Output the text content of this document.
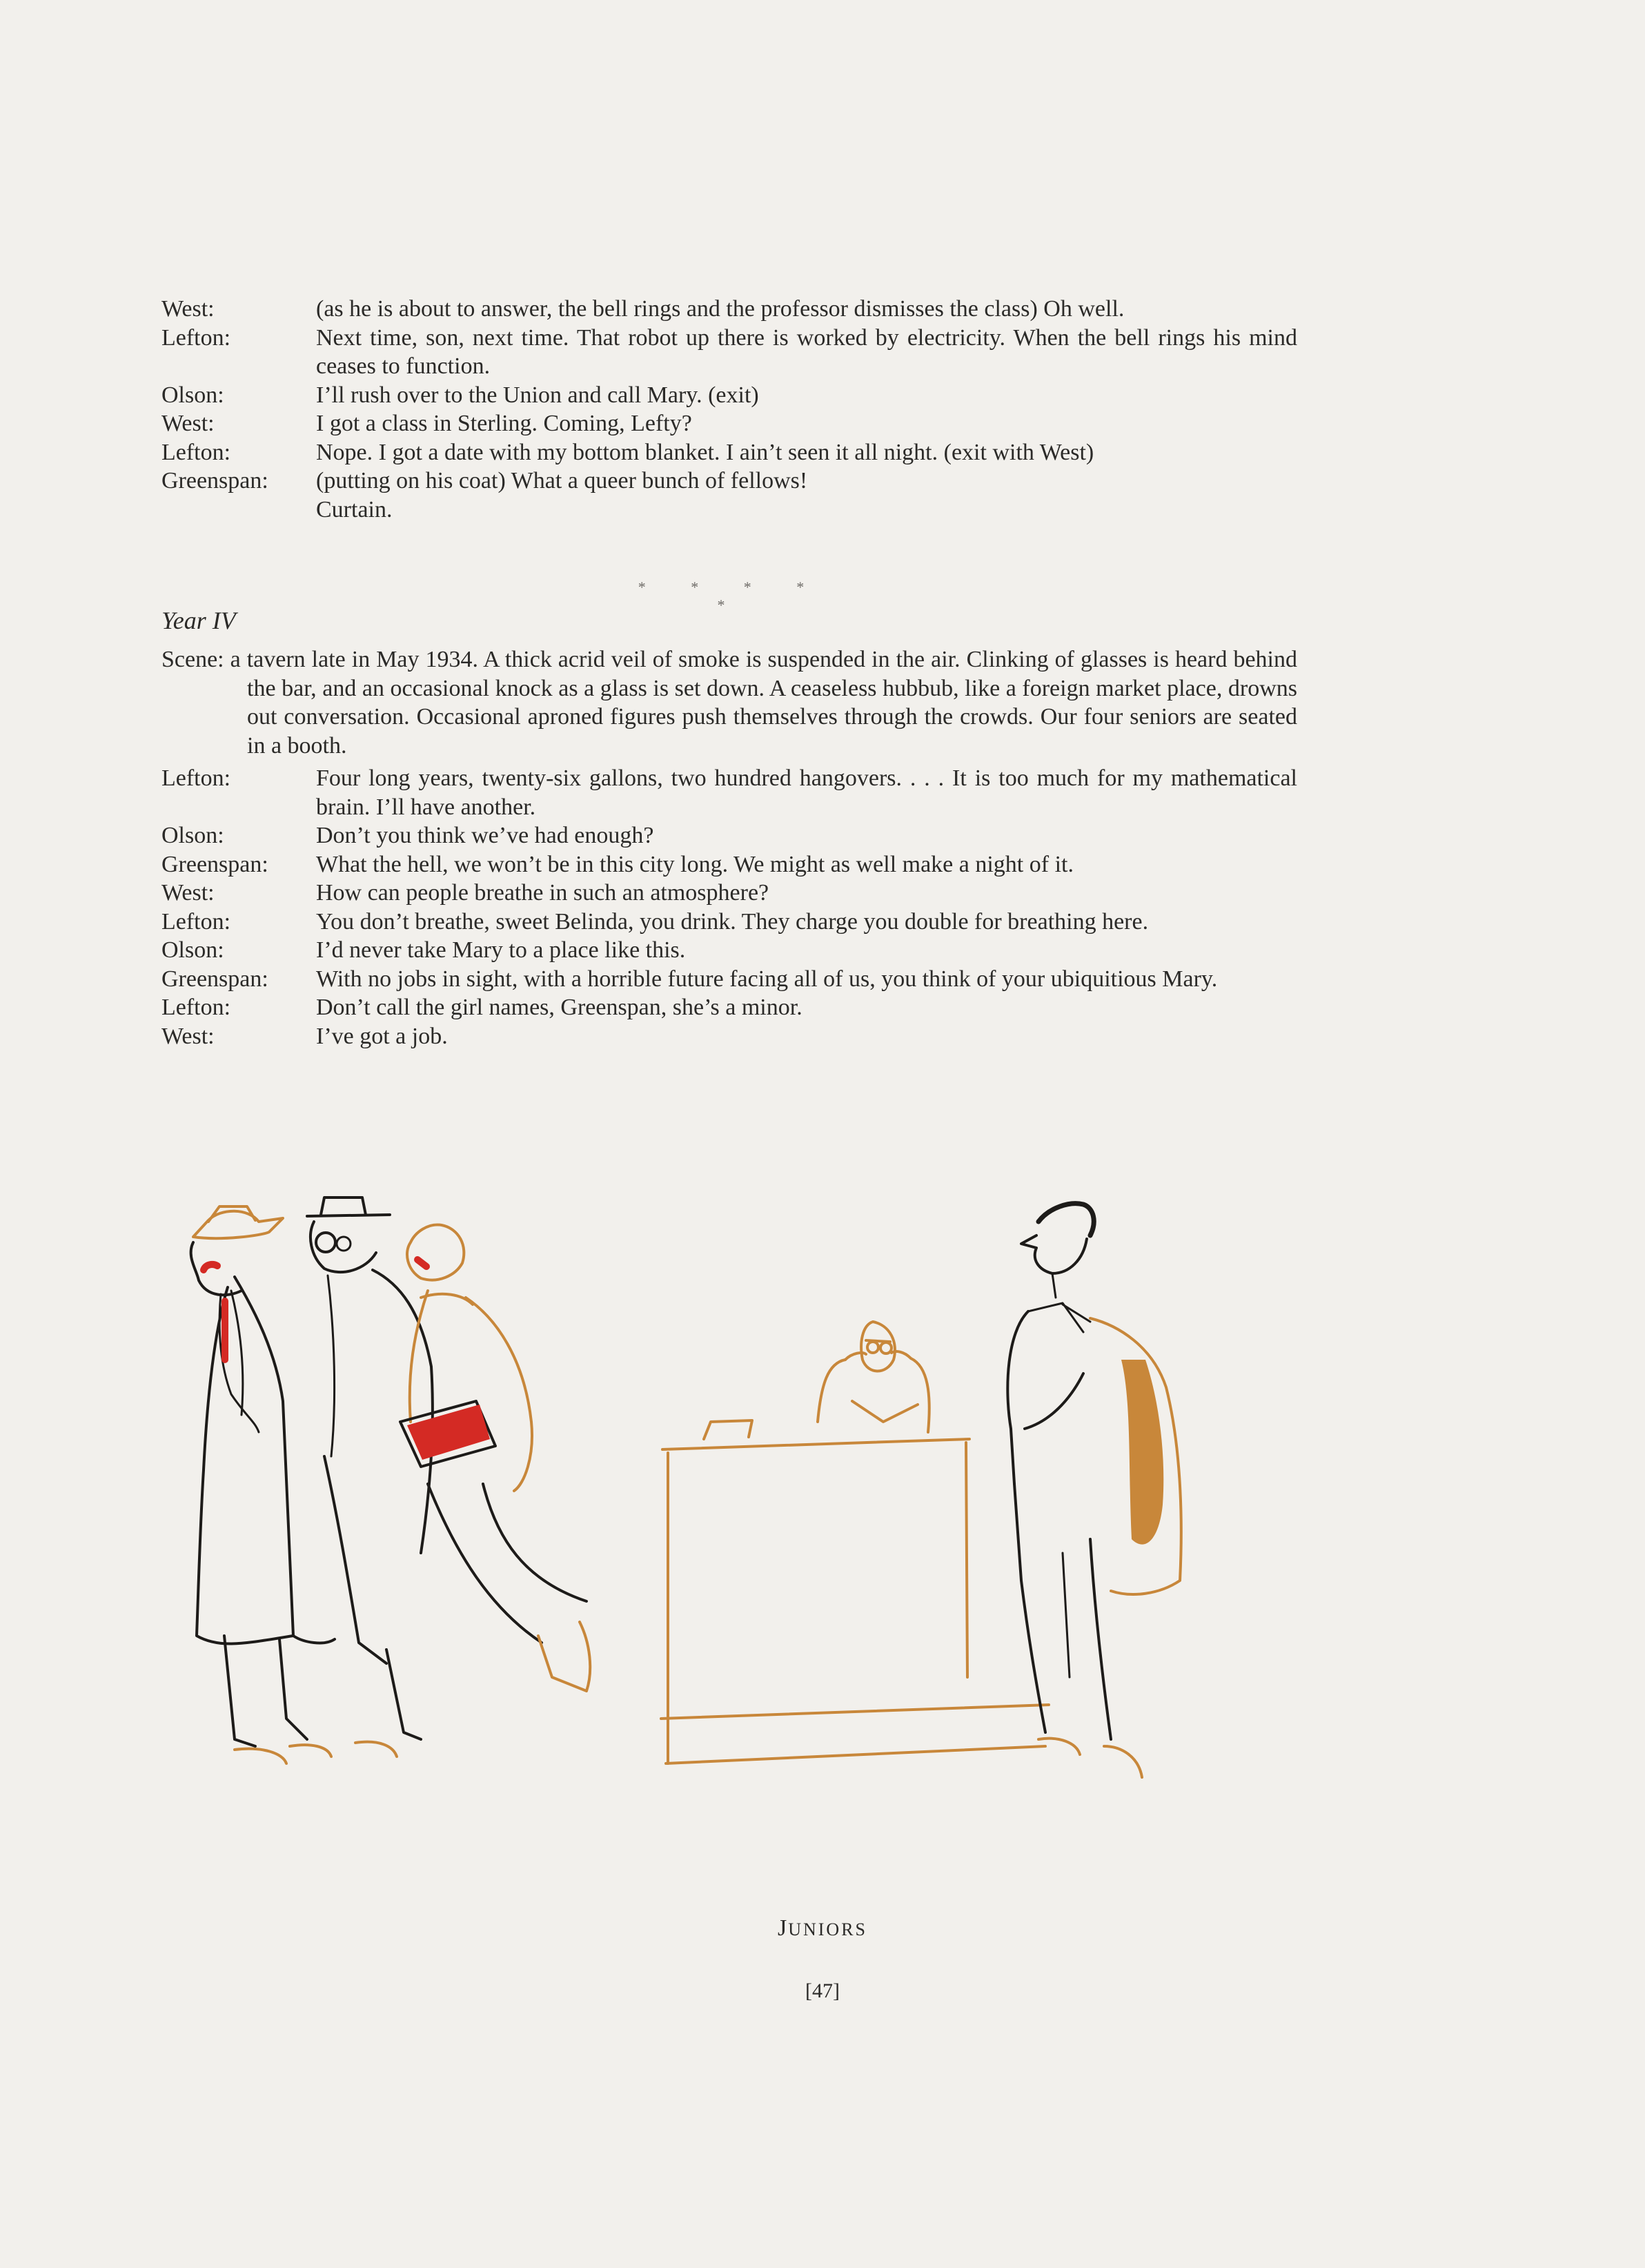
West:	(as he is about to answer, the bell rings and the professor dismisses the class) Oh well.
Lefton:	Next time, son, next time. That robot up there is worked by electricity. When the bell rings his mind ceases to function.
Olson:	I’ll rush over to the Union and call Mary. (exit)
West:	I got a class in Sterling. Coming, Lefty?
Lefton:	Nope. I got a date with my bottom blanket. I ain’t seen it all night. (exit with West)
Greenspan:	(putting on his coat) What a queer bunch of fellows!
Curtain.
* * * * *
Year IV
Scene: a tavern late in May 1934. A thick acrid veil of smoke is suspended in the air. Clinking of glasses is heard behind the bar, and an occasional knock as a glass is set down. A ceaseless hubbub, like a foreign market place, drowns out conversation. Occasional aproned figures push themselves through the crowds. Our four seniors are seated in a booth.
Lefton:	Four long years, twenty-six gallons, two hundred hangovers. . . . It is too much for my mathematical brain. I’ll have another.
Olson:	Don’t you think we’ve had enough?
Greenspan:	What the hell, we won’t be in this city long. We might as well make a night of it.
West:	How can people breathe in such an atmosphere?
Lefton:	You don’t breathe, sweet Belinda, you drink. They charge you double for breathing here.
Olson:	I’d never take Mary to a place like this.
Greenspan:	With no jobs in sight, with a horrible future facing all of us, you think of your ubiquitious Mary.
Lefton:	Don’t call the girl names, Greenspan, she’s a minor.
West:	I’ve got a job.
JUNIORS
[47]
